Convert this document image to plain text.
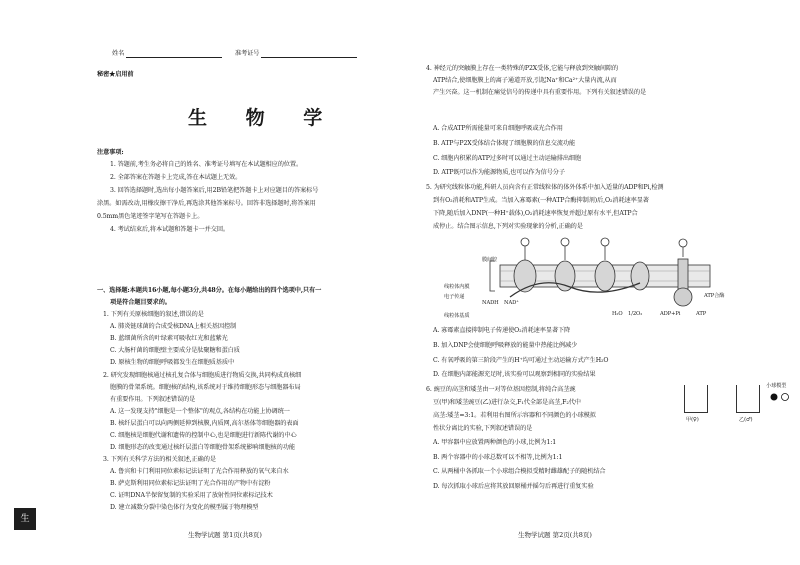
姓名	准考证号
秘密★启用前
生 物 学
注意事项:
1. 答题前,考生务必将自己的姓名、准考证号填写在本试题相应的位置。
2. 全部答案在答题卡上完成,答在本试题上无效。
3. 回答选择题时,选出每小题答案后,用2B铅笔把答题卡上对应题目的答案标号
涂黑。如需改动,用橡皮擦干净后,再选涂其他答案标号。回答非选择题时,将答案用
0.5mm黑色笔迹签字笔写在答题卡上。
4. 考试结束后,将本试题和答题卡一并交回。
一、选择题:本题共16小题,每小题3分,共48分。在每小题给出的四个选项中,只有一
项是符合题目要求的。
1. 下列有关原核细胞的叙述,错误的是
A. 肺炎链球菌的合成受核DNA上相关基因控制
B. 蓝细菌所含的叶绿素可吸收红光和蓝紫光
C. 大肠杆菌的细胞壁主要成分是肽聚糖和蛋白质
D. 原核生物的细胞呼吸都发生在细胞质基质中
2. 研究发现细胞核通过核孔复合体与细胞质进行物质交换,共同构成真核细
胞膜的骨架系统。细胞核的结构,该系统对于维持细胞形态与细胞器布局
有重要作用。下列叙述错误的是
A. 这一发现支持"细胞是一个整体"的观点,各结构在功能上协调统一
B. 核纤层蛋白可以向两侧延伸到核膜,内质网,高尔基体等细胞器的表面
C. 细胞核是细胞代谢和遗传的控制中心,也是细胞进行新陈代谢的中心
D. 细胞形态的改变通过核纤层蛋白等细胞骨架系统影响细胞核的功能
3. 下列有关科学方法的相关叙述,正确的是
A. 鲁宾和卡门利用同位素标记法证明了光合作用释放的氧气来自水
B. 萨克斯利用同位素标记法证明了光合作用的产物中有淀粉
C. 证明DNA半保留复制的实验采用了放射性同位素标记技术
D. 建立减数分裂中染色体行为变化的模型属于物理模型
生物学试题 第1页(共8页)
生
4. 神经元的突触膜上存在一类特殊的P2X受体,它能与释放到突触间隙的
ATP结合,使细胞膜上的离子通道开放,引起Na⁺和Ca²⁺大量内流,从而
产生兴奋。这一机制在痛觉信号的传递中具有重要作用。下列有关叙述错误的是
A. 合成ATP所需能量可来自细胞呼吸或光合作用
B. ATP与P2X受体结合体现了细胞膜的信息交流功能
C. 细胞内积累的ATP过多时可以通过主动运输排出细胞
D. ATP既可以作为能源物质,也可以作为信号分子
5. 为研究线粒体功能,科研人员向含有正常线粒体的体外体系中加入适量的ADP和Pi,检测
到有O₂消耗和ATP生成。当加入寡霉素(一种ATP合酶抑制剂)后,O₂消耗速率显著
下降,随后加入DNP(一种H⁺载体),O₂消耗速率恢复并超过原有水平,但ATP合
成停止。结合图示信息,下列对实验现象的分析,正确的是
线粒体内膜
膜间腔
电子传递
线粒体基质
NADH NAD⁺
H₂O 1/2O₂	ADP+Pi	ATP
ATP合酶
A. 寡霉素直接抑制电子传递使O₂消耗速率显著下降
B. 加入DNP会使细胞呼吸释放的能量中热能比例减少
C. 有氧呼吸的第三阶段产生的H⁺均可通过主动运输方式产生H₂O
D. 在细胞内部能源充足时,该实验可以观察到相同的实验结果
6. 豌豆的高茎和矮茎由一对等位基因控制,将纯合高茎豌
豆(甲)和矮茎豌豆(乙)进行杂交,F₁代全部是高茎,F₂代中
高茎:矮茎=3:1。若利用右图所示容器和不同颜色的小球模拟
性状分离比的实验,下列叙述错误的是
甲(♀)	乙(♂)
小球模型
A. 甲容器中应放置两种颜色的小球,比例为1:1
B. 两个容器中的小球总数可以不相等,比例为1:1
C. 从两桶中各抓取一个小球组合模拟受精时雌雄配子的随机结合
D. 每次抓取小球后应将其放回原桶并摇匀后再进行重复实验
生物学试题 第2页(共8页)
